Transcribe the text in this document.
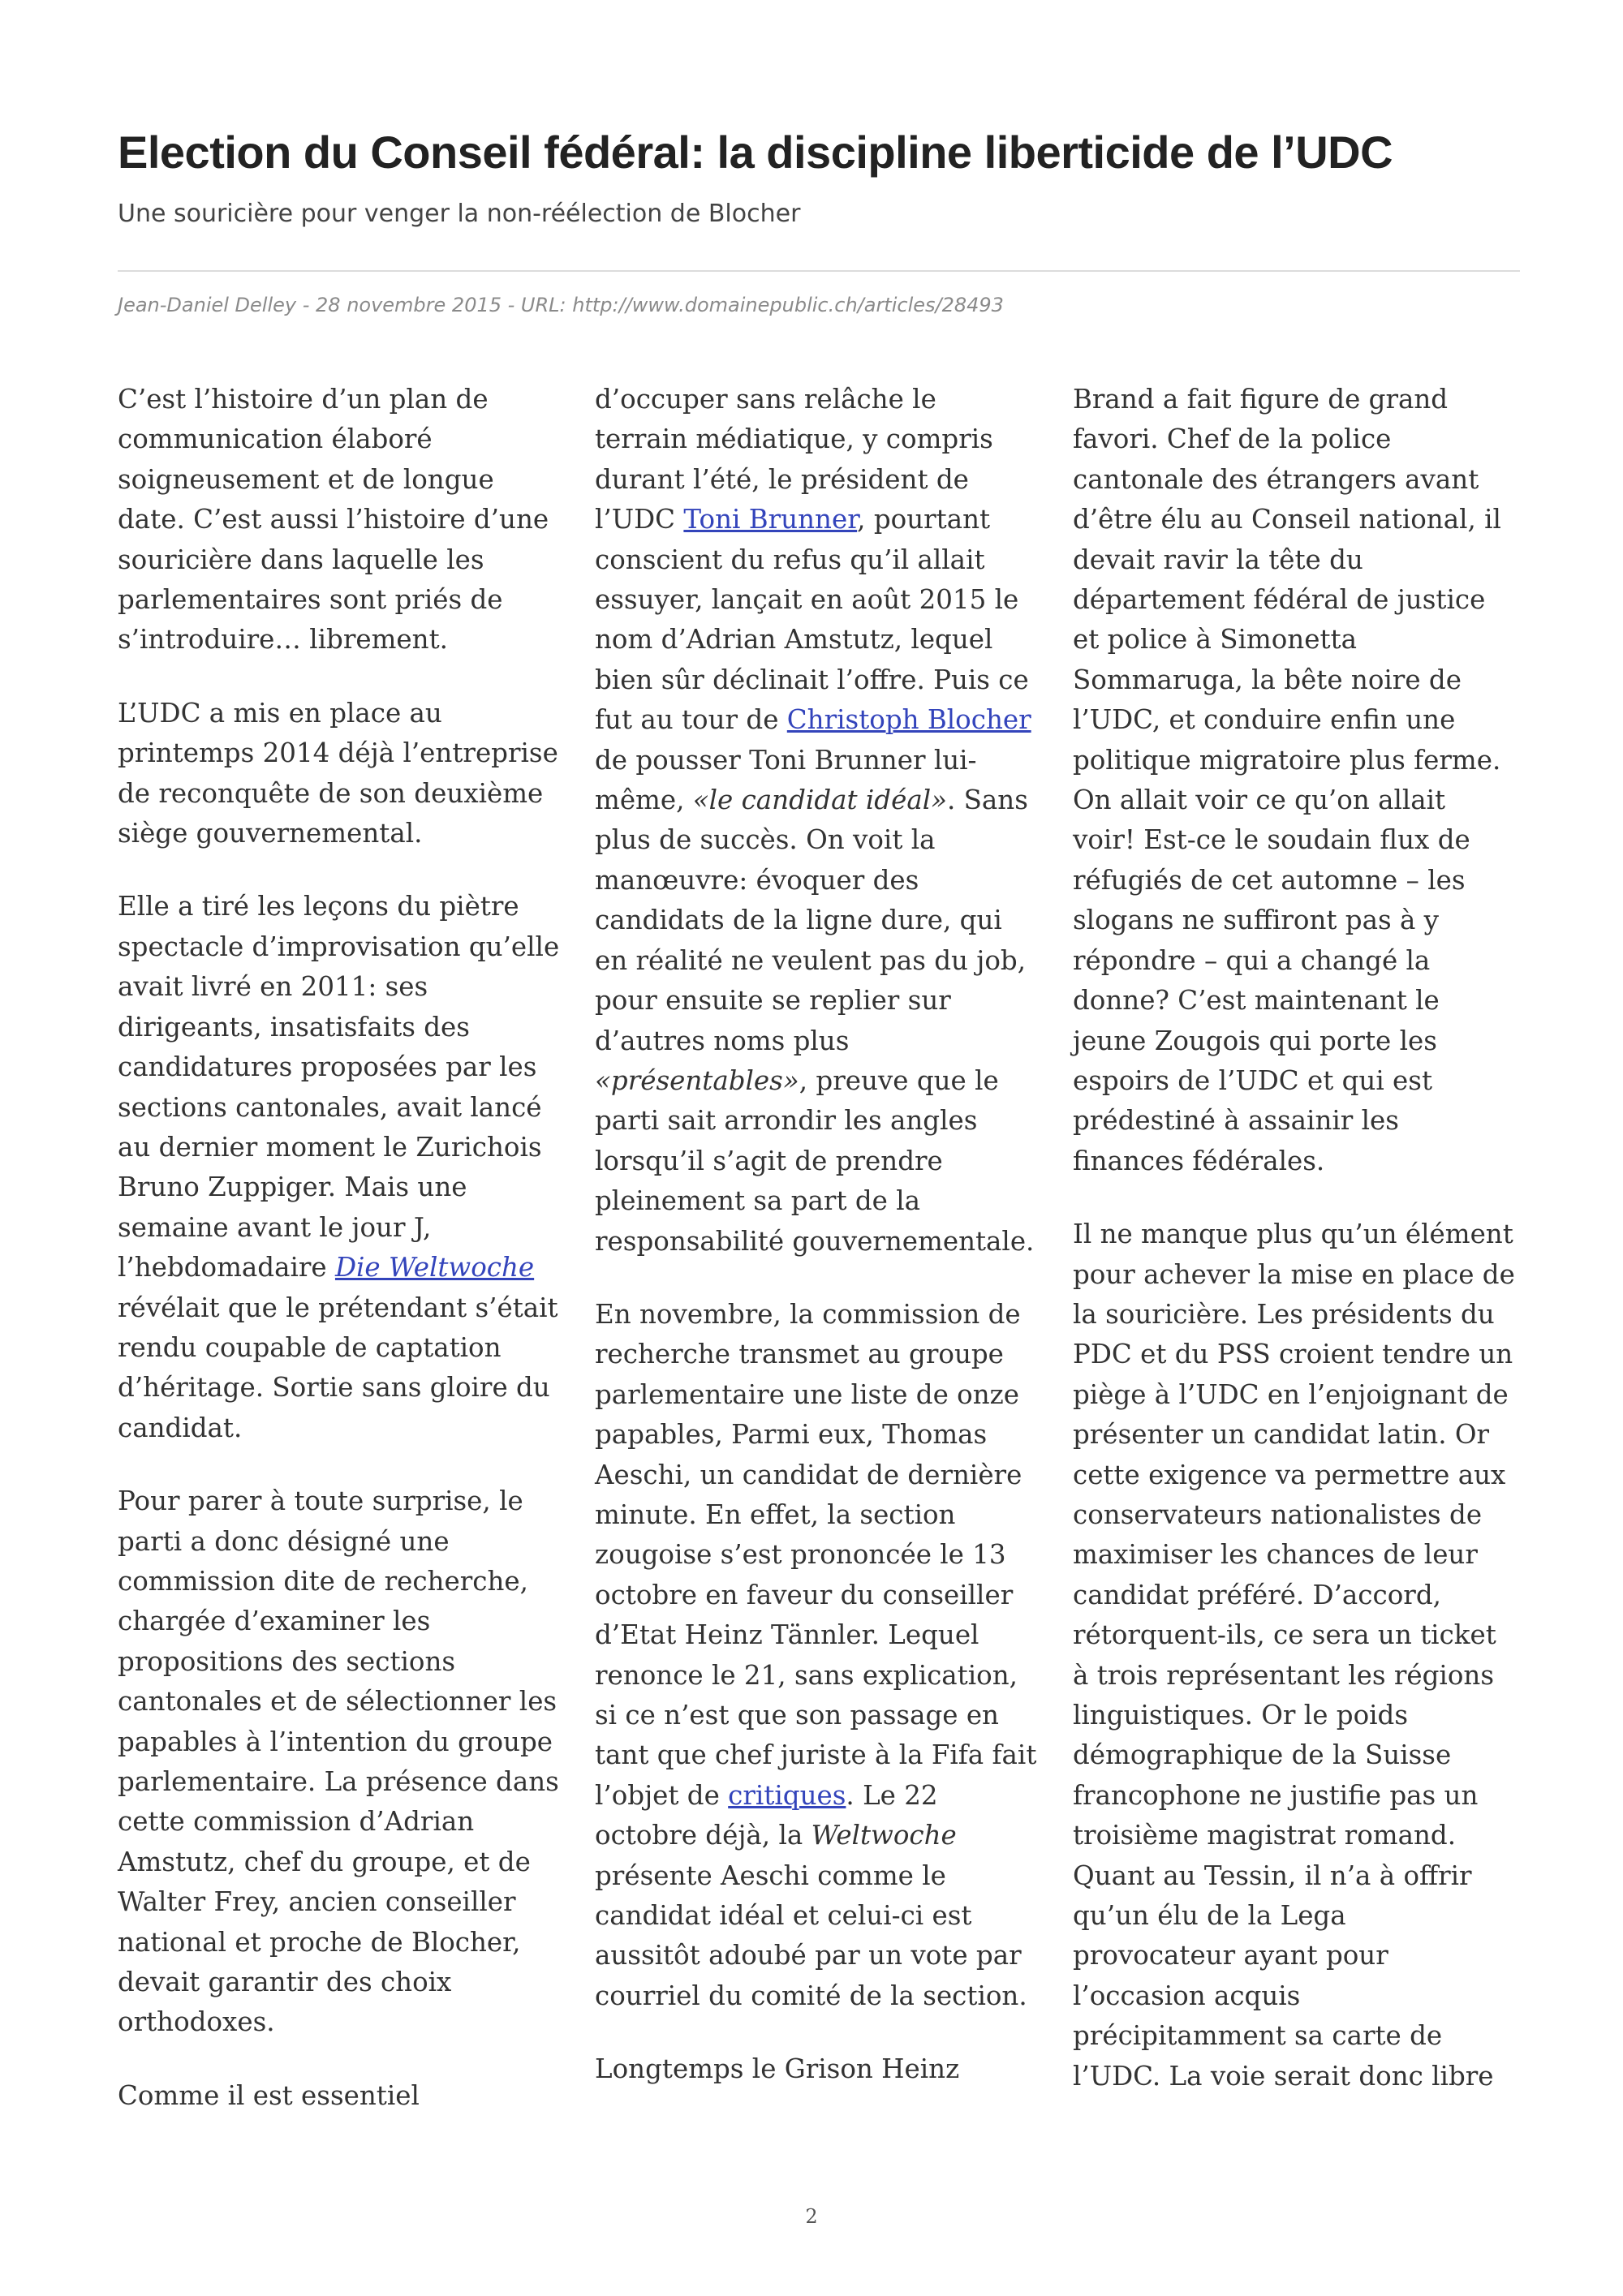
Election du Conseil fédéral: la discipline liberticide de l’UDC
Une souricière pour venger la non-réélection de Blocher
Jean-Daniel Delley - 28 novembre 2015 - URL: http://www.domainepublic.ch/articles/28493

C’est l’histoire d’un plan de communication élaboré soigneusement et de longue date. C’est aussi l’histoire d’une souricière dans laquelle les parlementaires sont priés de s’introduire… librement.

L’UDC a mis en place au printemps 2014 déjà l’entreprise de reconquête de son deuxième siège gouvernemental.

Elle a tiré les leçons du piètre spectacle d’improvisation qu’elle avait livré en 2011: ses dirigeants, insatisfaits des candidatures proposées par les sections cantonales, avait lancé au dernier moment le Zurichois Bruno Zuppiger. Mais une semaine avant le jour J, l’hebdomadaire Die Weltwoche révélait que le prétendant s’était rendu coupable de captation d’héritage. Sortie sans gloire du candidat.

Pour parer à toute surprise, le parti a donc désigné une commission dite de recherche, chargée d’examiner les propositions des sections cantonales et de sélectionner les papables à l’intention du groupe parlementaire. La présence dans cette commission d’Adrian Amstutz, chef du groupe, et de Walter Frey, ancien conseiller national et proche de Blocher, devait garantir des choix orthodoxes.

Comme il est essentiel

d’occuper sans relâche le terrain médiatique, y compris durant l’été, le président de l’UDC Toni Brunner, pourtant conscient du refus qu’il allait essuyer, lançait en août 2015 le nom d’Adrian Amstutz, lequel bien sûr déclinait l’offre. Puis ce fut au tour de Christoph Blocher de pousser Toni Brunner lui-même, «le candidat idéal». Sans plus de succès. On voit la manœuvre: évoquer des candidats de la ligne dure, qui en réalité ne veulent pas du job, pour ensuite se replier sur d’autres noms plus «présentables», preuve que le parti sait arrondir les angles lorsqu’il s’agit de prendre pleinement sa part de la responsabilité gouvernementale.

En novembre, la commission de recherche transmet au groupe parlementaire une liste de onze papables, Parmi eux, Thomas Aeschi, un candidat de dernière minute. En effet, la section zougoise s’est prononcée le 13 octobre en faveur du conseiller d’Etat Heinz Tännler. Lequel renonce le 21, sans explication, si ce n’est que son passage en tant que chef juriste à la Fifa fait l’objet de critiques. Le 22 octobre déjà, la Weltwoche présente Aeschi comme le candidat idéal et celui-ci est aussitôt adoubé par un vote par courriel du comité de la section.

Longtemps le Grison Heinz

Brand a fait figure de grand favori. Chef de la police cantonale des étrangers avant d’être élu au Conseil national, il devait ravir la tête du département fédéral de justice et police à Simonetta Sommaruga, la bête noire de l’UDC, et conduire enfin une politique migratoire plus ferme. On allait voir ce qu’on allait voir! Est-ce le soudain flux de réfugiés de cet automne – les slogans ne suffiront pas à y répondre – qui a changé la donne? C’est maintenant le jeune Zougois qui porte les espoirs de l’UDC et qui est prédestiné à assainir les finances fédérales.

Il ne manque plus qu’un élément pour achever la mise en place de la souricière. Les présidents du PDC et du PSS croient tendre un piège à l’UDC en l’enjoignant de présenter un candidat latin. Or cette exigence va permettre aux conservateurs nationalistes de maximiser les chances de leur candidat préféré. D’accord, rétorquent-ils, ce sera un ticket à trois représentant les régions linguistiques. Or le poids démographique de la Suisse francophone ne justifie pas un troisième magistrat romand. Quant au Tessin, il n’a à offrir qu’un élu de la Lega provocateur ayant pour l’occasion acquis précipitamment sa carte de l’UDC. La voie serait donc libre

2
